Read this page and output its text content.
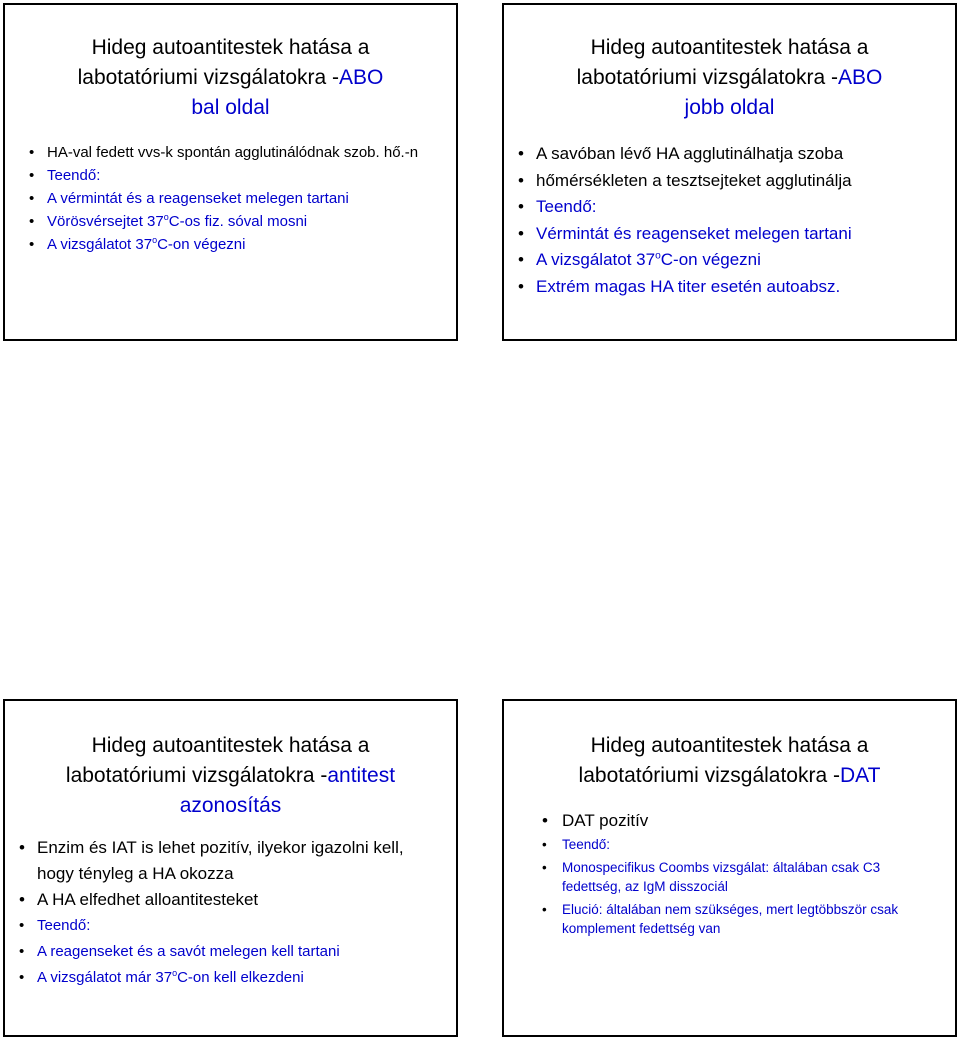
Hideg autoantitestek hatása a
labotatóriumi vizsgálatokra -ABO
bal oldal
• HA-val fedett vvs-k spontán agglutinálódnak szob. hő.-n
• Teendő:
• A vérmintát és a reagenseket melegen tartani
• Vörösvérsejtet 37$^o$C-os fiz. sóval mosni
• A vizsgálatot 37$^o$C-on végezni
Hideg autoantitestek hatása a
labotatóriumi vizsgálatokra -ABO
jobb oldal
• A savóban lévő HA agglutinálhatja szoba
• hőmérsékleten a tesztsejteket agglutinálja
• Teendő:
• Vérmintát és reagenseket melegen tartani
• A vizsgálatot 37$^o$C-on végezni
• Extrém magas HA titer esetén autoabsz.
Hideg autoantitestek hatása a
labotatóriumi vizsgálatokra -antitest
azonosítás
• Enzim és IAT is lehet pozitív, ilyekor igazolni kell, hogy tényleg a HA okozza
• A HA elfedhet alloantitesteket
• Teendő:
• A reagenseket és a savót melegen kell tartani
• A vizsgálatot már 37$^o$C-on kell elkezdeni
Hideg autoantitestek hatása a
labotatóriumi vizsgálatokra -DAT
• DAT pozitív
• Teendő:
• Monospecifikus Coombs vizsgálat: általában csak C3 fedettség, az IgM disszociál
• Elució: általában nem szükséges, mert legtöbbször csak komplement fedettség van
